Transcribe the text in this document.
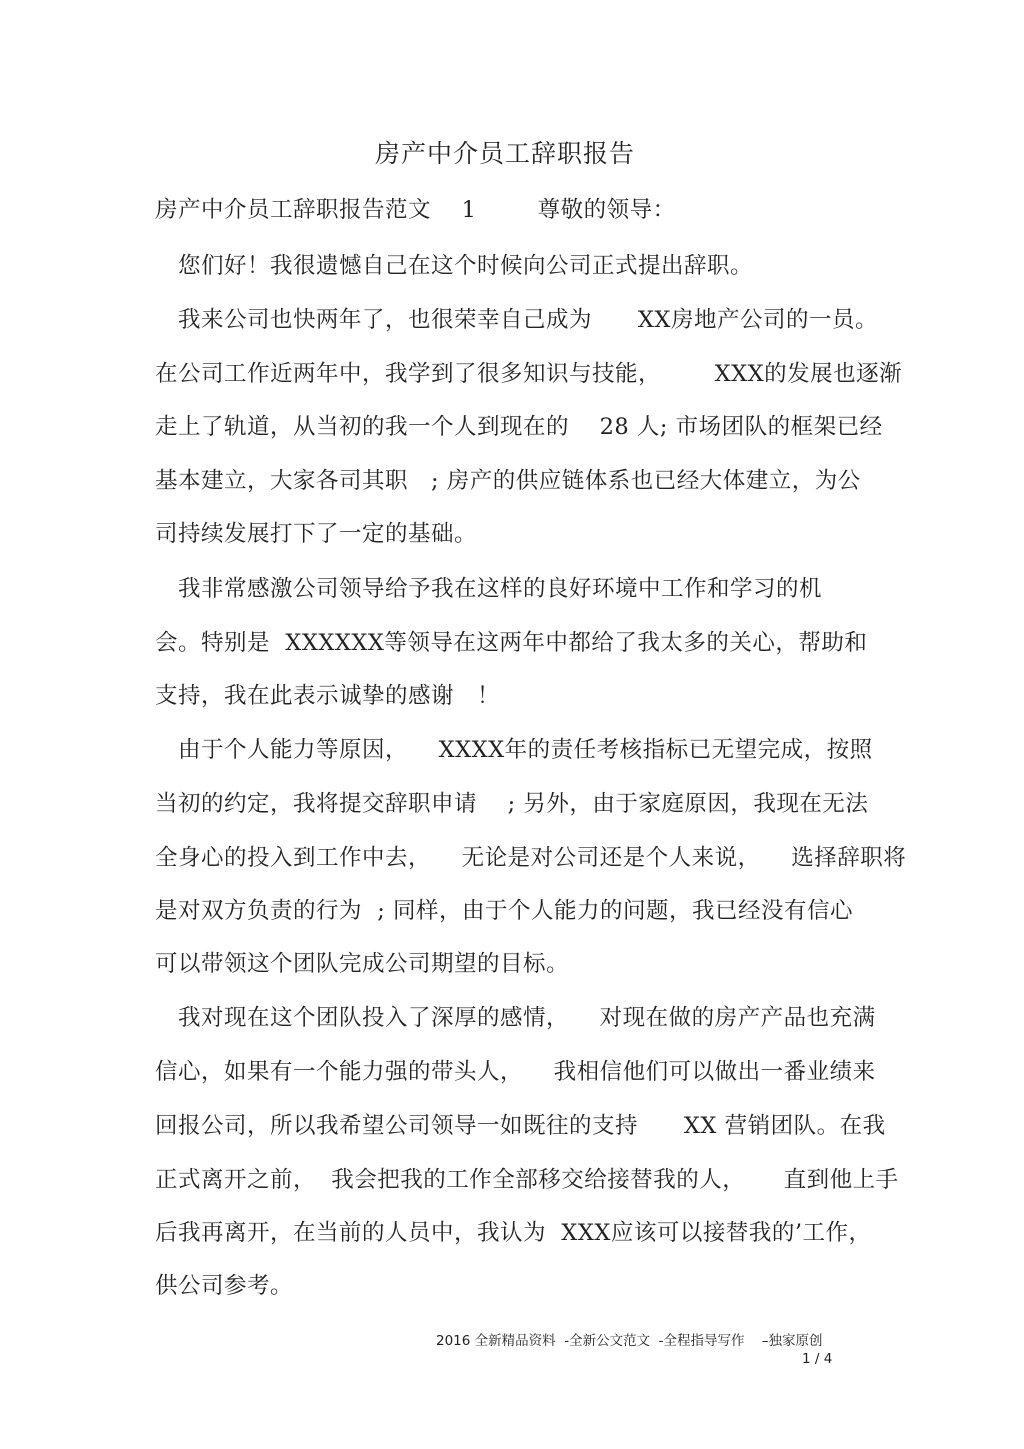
房产中介员工辞职报告
房产中介员工辞职报告范文    1        尊敬的领导：
您们好！我很遗憾自己在这个时候向公司正式提出辞职。
我来公司也快两年了，也很荣幸自己成为      XX房地产公司的一员。
在公司工作近两年中，我学到了很多知识与技能，       XXX的发展也逐渐
走上了轨道，从当初的我一个人到现在的    28 人; 市场团队的框架已经
基本建立，大家各司其职   ; 房产的供应链体系也已经大体建立，为公
司持续发展打下了一定的基础。
我非常感激公司领导给予我在这样的良好环境中工作和学习的机
会。特别是  XXXXXX等领导在这两年中都给了我太多的关心，帮助和
支持，我在此表示诚挚的感谢   ！
由于个人能力等原因，    XXXX年的责任考核指标已无望完成，按照
当初的约定，我将提交辞职申请    ; 另外，由于家庭原因，我现在无法
全身心的投入到工作中去，    无论是对公司还是个人来说，    选择辞职将
是对双方负责的行为  ; 同样，由于个人能力的问题，我已经没有信心
可以带领这个团队完成公司期望的目标。
我对现在这个团队投入了深厚的感情，    对现在做的房产产品也充满
信心，如果有一个能力强的带头人，    我相信他们可以做出一番业绩来
回报公司，所以我希望公司领导一如既往的支持      XX 营销团队。在我
正式离开之前，  我会把我的工作全部移交给接替我的人，     直到他上手
后我再离开，在当前的人员中，我认为  XXX应该可以接替我的’工作，
供公司参考。
2016 全新精品资料  -全新公文范文  -全程指导写作    –独家原创
1 / 4
